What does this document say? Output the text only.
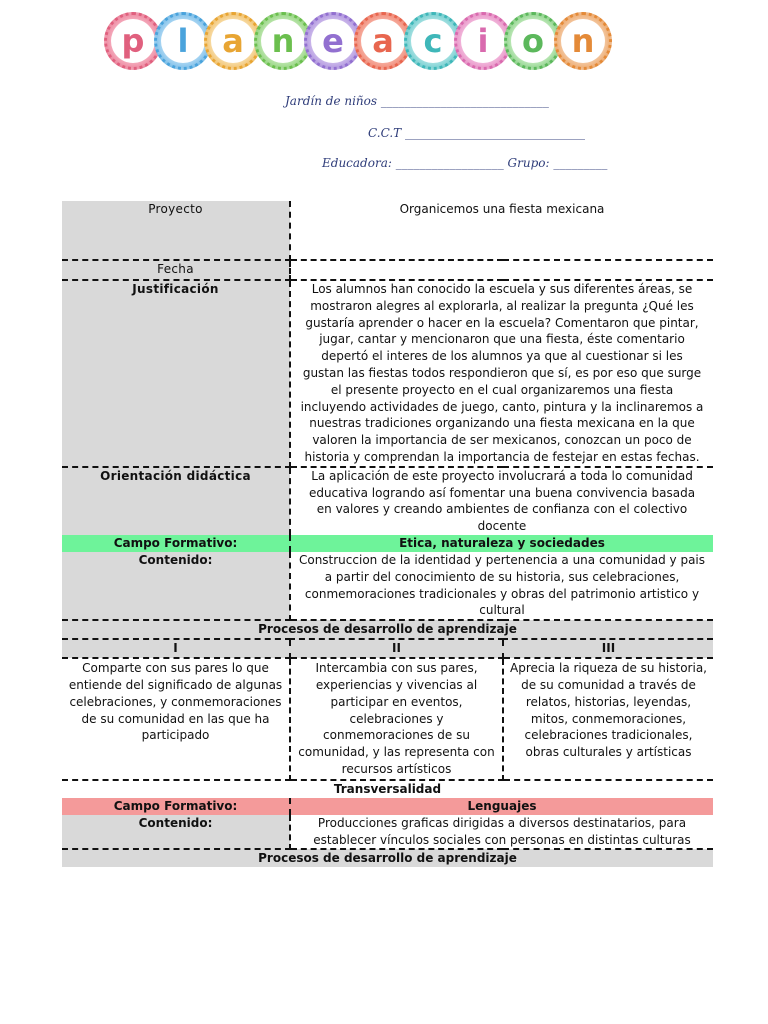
p	l	a n e a c	i	o n
Jardín de niños ____________________________
C.C.T ______________________________
Educadora: __________________ Grupo: _________
Proyecto	Organicemos una fiesta mexicana	
Fecha		
Justificación	Los alumnos han conocido la escuela y sus diferentes áreas, se mostraron alegres al explorarla, al realizar la pregunta ¿Qué les gustaría aprender o hacer en la escuela? Comentaron que pintar, jugar, cantar y mencionaron que una fiesta, éste comentario depertó el interes de los alumnos ya que al cuestionar si les gustan las fiestas todos respondieron que sí, es por eso que surge el presente proyecto en el cual organizaremos una fiesta incluyendo actividades de juego, canto, pintura y la inclinaremos a nuestras tradiciones organizando una fiesta mexicana en la que valoren la importancia de ser mexicanos, conozcan un poco de historia y comprendan la importancia de festejar en estas fechas.	
Orientación didáctica	La aplicación de este proyecto involucrará a toda lo comunidad educativa logrando así fomentar una buena convivencia basada en valores y creando ambientes de confianza con el colectivo docente	
Campo Formativo:	Etica, naturaleza y sociedades	
Contenido:	Construccion de la identidad y pertenencia a una comunidad y pais a partir del conocimiento de su historia, sus celebraciones, conmemoraciones tradicionales y obras del patrimonio artistico y cultural	
Procesos de desarrollo de aprendizaje		
I	II	III
Comparte con sus pares lo que entiende del significado de algunas celebraciones, y conmemoraciones de su comunidad en las que ha participado	Intercambia con sus pares, experiencias y vivencias al participar en eventos, celebraciones y conmemoraciones de su comunidad, y las representa con recursos artísticos	Aprecia la riqueza de su historia, de su comunidad a través de relatos, historias, leyendas, mitos, conmemoraciones, celebraciones tradicionales, obras culturales y artísticas
Transversalidad		
Campo Formativo:	Lenguajes	
Contenido:	Producciones graficas dirigidas a diversos destinatarios, para establecer vínculos sociales con personas en distintas culturas	
Procesos de desarrollo de aprendizaje		
